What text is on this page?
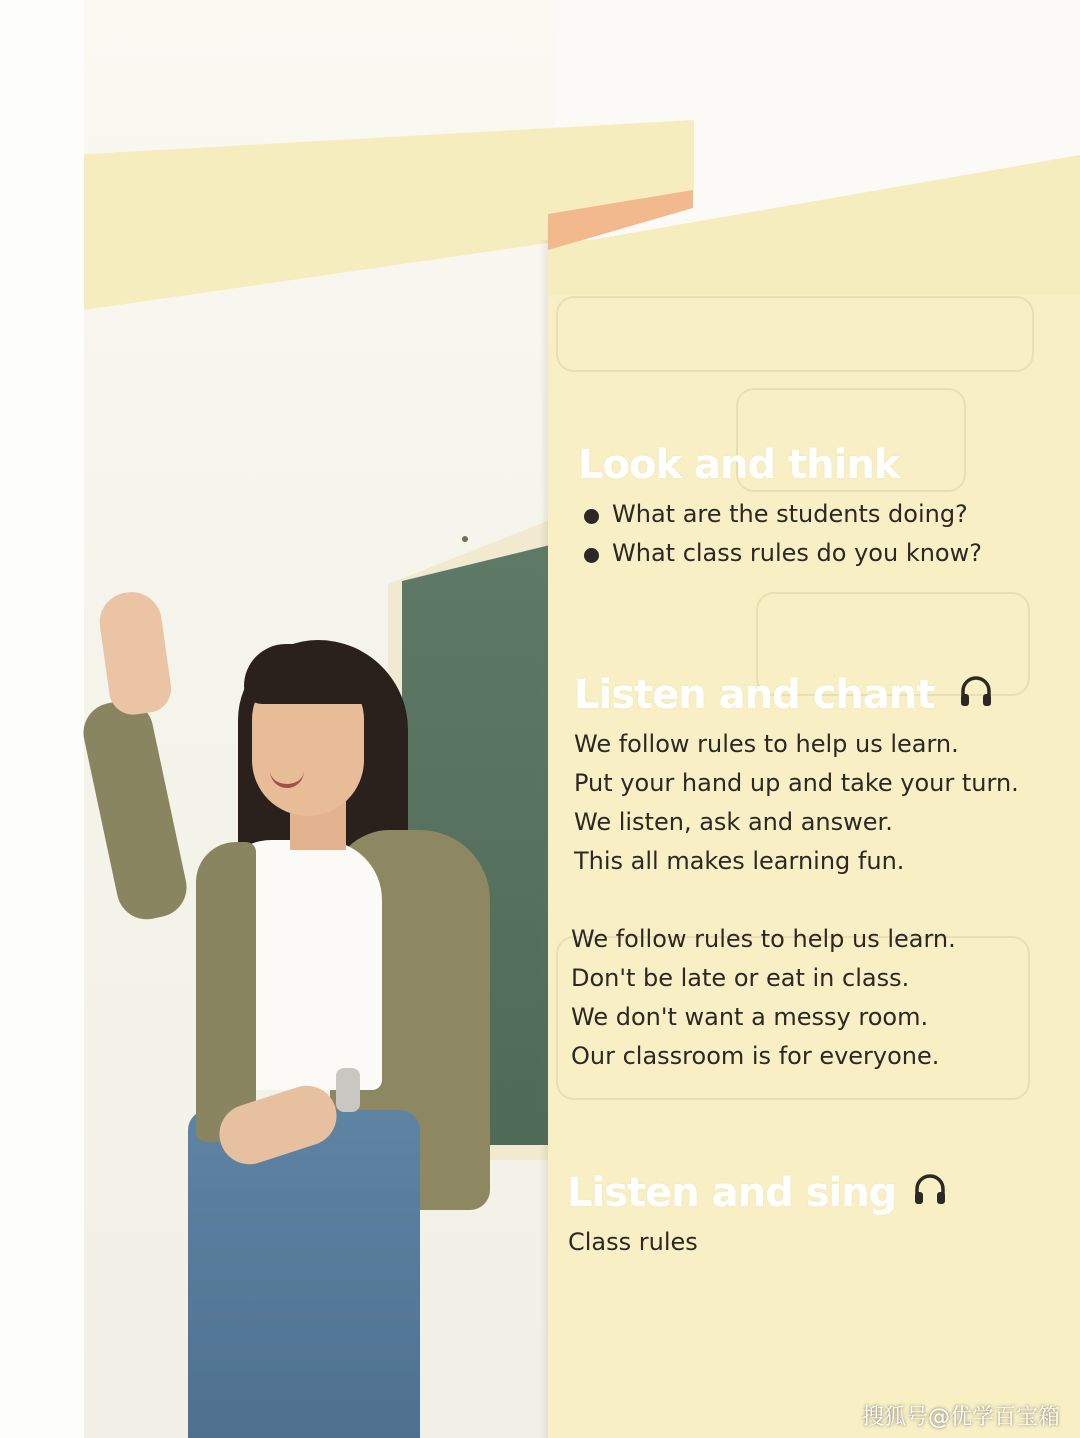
Look and think
What are the students doing?
What class rules do you know?
Listen and chant
We follow rules to help us learn.
Put your hand up and take your turn.
We listen, ask and answer.
This all makes learning fun.
We follow rules to help us learn.
Don't be late or eat in class.
We don't want a messy room.
Our classroom is for everyone.
Listen and sing
Class rules
搜狐号@优学百宝箱
